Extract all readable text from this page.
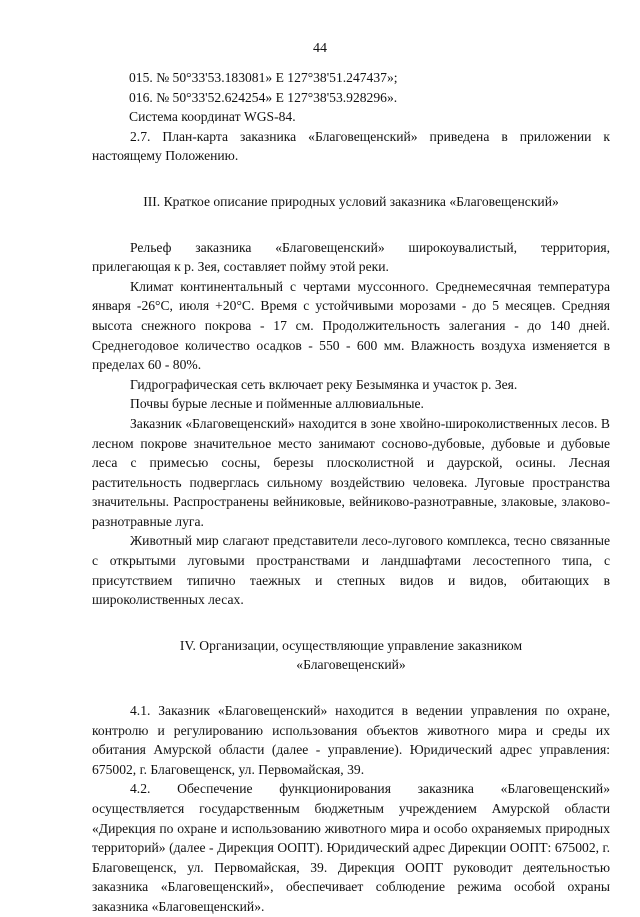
44
015. № 50°33'53.183081» E 127°38'51.247437»;
016. № 50°33'52.624254» E 127°38'53.928296».
Система координат WGS-84.

2.7. План-карта заказника «Благовещенский» приведена в приложении к настоящему Положению.

III. Краткое описание природных условий заказника «Благовещенский»

Рельеф заказника «Благовещенский» широкоувалистый, территория, прилегающая к р. Зея, составляет пойму этой реки.

Климат континентальный с чертами муссонного. Среднемесячная температура января -26°С, июля +20°С. Время с устойчивыми морозами - до 5 месяцев. Средняя высота снежного покрова - 17 см. Продолжительность залегания - до 140 дней. Среднегодовое количество осадков - 550 - 600 мм. Влажность воздуха изменяется в пределах 60 - 80%.

Гидрографическая сеть включает реку Безымянка и участок р. Зея.

Почвы бурые лесные и пойменные аллювиальные.

Заказник «Благовещенский» находится в зоне хвойно-широколиственных лесов. В лесном покрове значительное место занимают сосново-дубовые, дубовые и дубовые леса с примесью сосны, березы плосколистной и даурской, осины. Лесная растительность подверглась сильному воздействию человека. Луговые пространства значительны. Распространены вейниковые, вейниково-разнотравные, злаковые, злаково-разнотравные луга.

Животный мир слагают представители лесо-лугового комплекса, тесно связанные с открытыми луговыми пространствами и ландшафтами лесостепного типа, с присутствием типично таежных и степных видов и видов, обитающих в широколиственных лесах.

IV. Организации, осуществляющие управление заказником

«Благовещенский»

4.1. Заказник «Благовещенский» находится в ведении управления по охране, контролю и регулированию использования объектов животного мира и среды их обитания Амурской области (далее - управление). Юридический адрес управления: 675002, г. Благовещенск, ул. Первомайская, 39.

4.2. Обеспечение функционирования заказника «Благовещенский» осуществляется государственным бюджетным учреждением Амурской области «Дирекция по охране и использованию животного мира и особо охраняемых природных территорий» (далее - Дирекция ООПТ). Юридический адрес Дирекции ООПТ: 675002, г. Благовещенск, ул. Первомайская, 39. Дирекция ООПТ руководит деятельностью заказника «Благовещенский», обеспечивает соблюдение режима особой охраны заказника «Благовещенский».
